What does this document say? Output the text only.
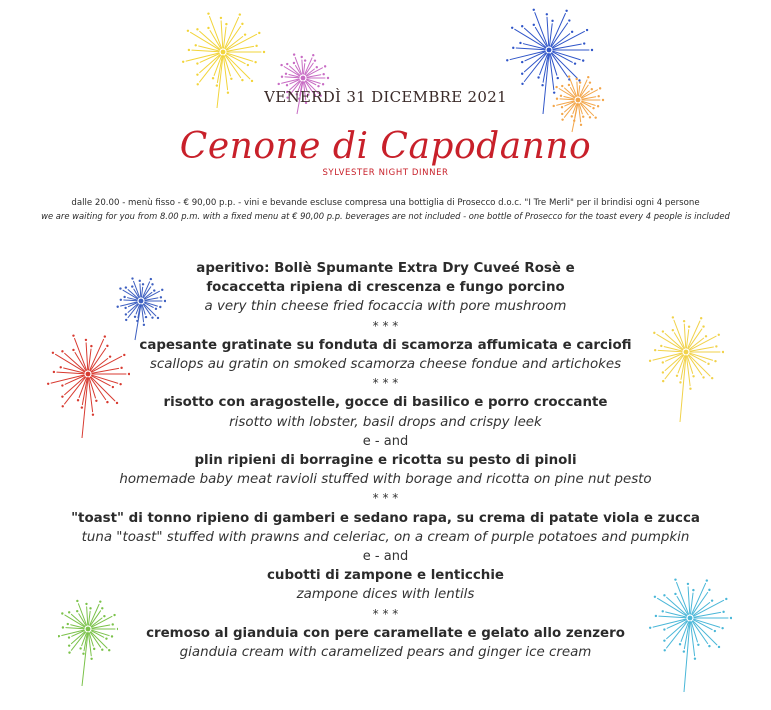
VENERDÌ 31 DICEMBRE 2021
Cenone di Capodanno
SYLVESTER NIGHT DINNER
dalle 20.00 - menù fisso - € 90,00 p.p. - vini e bevande escluse compresa una bottiglia di Prosecco d.o.c. "I Tre Merli" per il brindisi ogni 4 persone
we are waiting for you from 8.00 p.m. with a fixed menu at € 90,00 p.p. beverages are not included - one bottle of Prosecco for the toast every 4 people is included
aperitivo: Bollè Spumante Extra Dry Cuveé Rosè e
focaccetta ripiena di crescenza e fungo porcino
a very thin cheese fried focaccia with pore mushroom
* * *
capesante gratinate su fonduta di scamorza affumicata e carciofi
scallops au gratin on smoked scamorza cheese fondue and artichokes
* * *
risotto con aragostelle, gocce di basilico e porro croccante
risotto with lobster, basil drops and crispy leek
e - and
plin ripieni di borragine e ricotta su pesto di pinoli
homemade baby meat ravioli stuffed with borage and ricotta on pine nut pesto
* * *
"toast" di tonno ripieno di gamberi e sedano rapa, su crema di patate viola e zucca
tuna "toast" stuffed with prawns and celeriac, on a cream of purple potatoes and pumpkin
e - and
cubotti di zampone e lenticchie
zampone dices with lentils
* * *
cremoso al gianduia con pere caramellate e gelato allo zenzero
gianduia cream with caramelized pears and ginger ice cream
